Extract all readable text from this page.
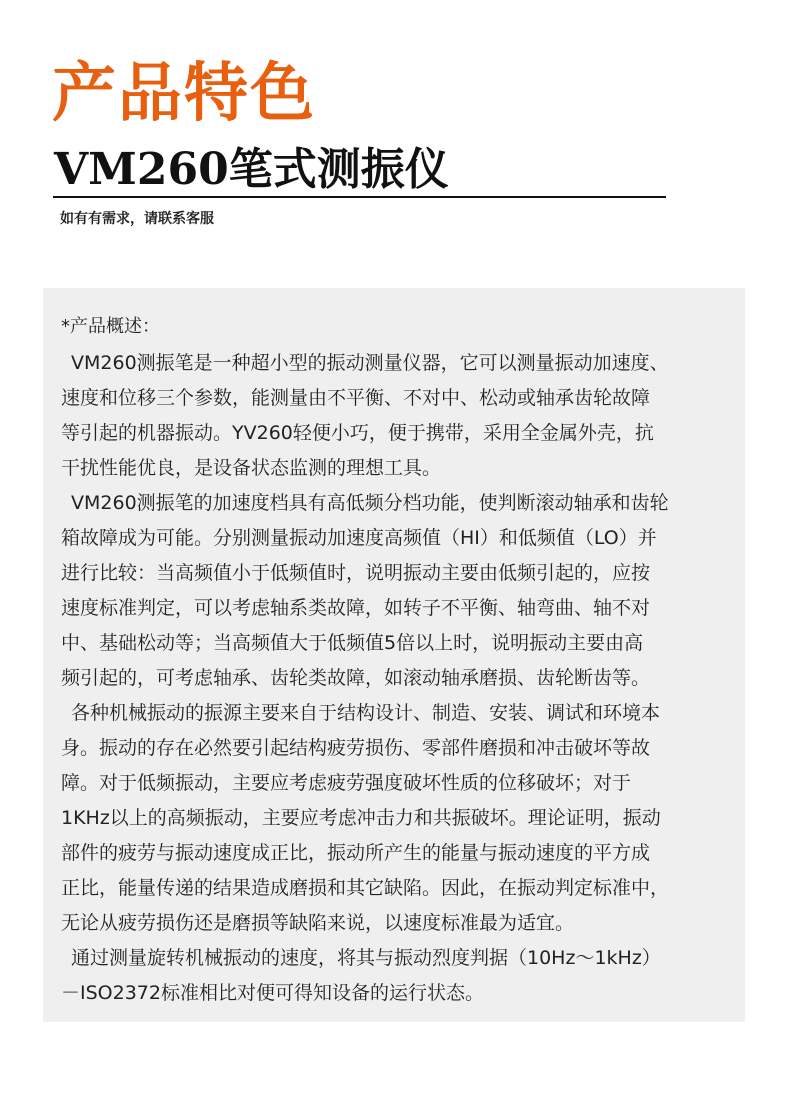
产品特色
VM260笔式测振仪
如有有需求，请联系客服
*产品概述：
VM260测振笔是一种超小型的振动测量仪器，它可以测量振动加速度、
速度和位移三个参数，能测量由不平衡、不对中、松动或轴承齿轮故障
等引起的机器振动。YV260轻便小巧，便于携带，采用全金属外壳，抗
干扰性能优良，是设备状态监测的理想工具。
VM260测振笔的加速度档具有高低频分档功能，使判断滚动轴承和齿轮
箱故障成为可能。分别测量振动加速度高频值（HI）和低频值（LO）并
进行比较：当高频值小于低频值时，说明振动主要由低频引起的，应按
速度标准判定，可以考虑轴系类故障，如转子不平衡、轴弯曲、轴不对
中、基础松动等；当高频值大于低频值5倍以上时，说明振动主要由高
频引起的，可考虑轴承、齿轮类故障，如滚动轴承磨损、齿轮断齿等。
各种机械振动的振源主要来自于结构设计、制造、安装、调试和环境本
身。振动的存在必然要引起结构疲劳损伤、零部件磨损和冲击破坏等故
障。对于低频振动，主要应考虑疲劳强度破坏性质的位移破坏；对于
1KHz以上的高频振动，主要应考虑冲击力和共振破坏。理论证明，振动
部件的疲劳与振动速度成正比，振动所产生的能量与振动速度的平方成
正比，能量传递的结果造成磨损和其它缺陷。因此，在振动判定标准中，
无论从疲劳损伤还是磨损等缺陷来说，以速度标准最为适宜。
通过测量旋转机械振动的速度，将其与振动烈度判据（10Hz～1kHz）
－ISO2372标准相比对便可得知设备的运行状态。
